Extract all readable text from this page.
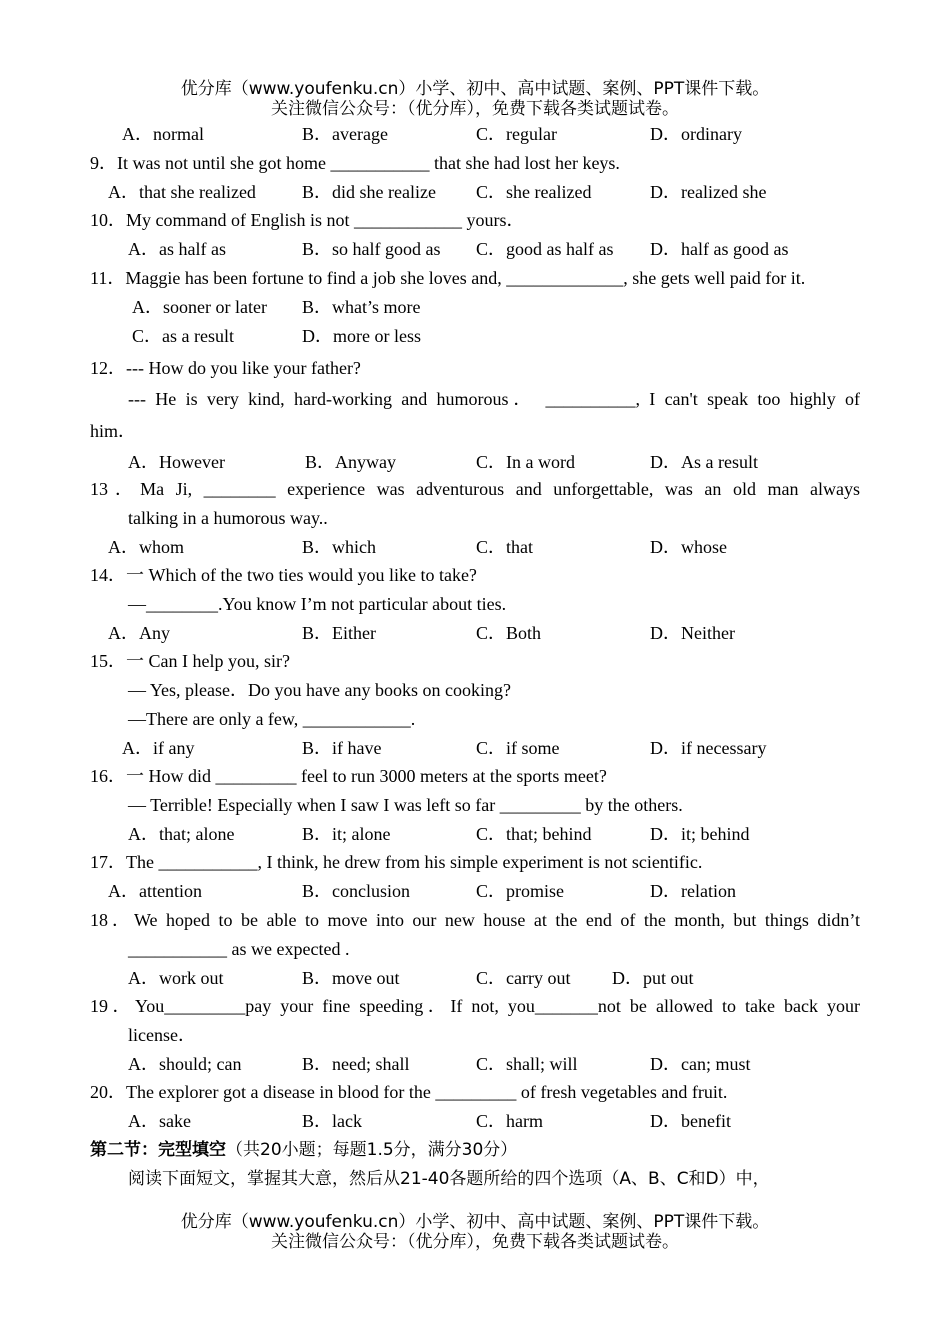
优分库（www.youfenku.cn）小学、初中、高中试题、案例、PPT课件下载。
关注微信公众号：（优分库），免费下载各类试题试卷。
A．normal	B．average	C．regular	D．ordinary
9．It was not until she got home ___________ that she had lost her keys.
A．that she realized	B．did she realize C．she realized	D．realized she
10．My command of English is not ____________ yours．
A．as half as	B．so half good as C．good as half as D．half as good as
11．Maggie has been fortune to find a job she loves and, _____________, she gets well paid for it.
A．sooner or later B．what’s more
C．as a result	D．more or less
12．--- How do you like your father?
--- He is very kind, hard-working and humorous． __________, I can't speak too highly of
him．
A．However	B．Anyway	C．In a word	D．As a result
13．Ma Ji, ________ experience was adventurous and unforgettable, was an old man always
talking in a humorous way..
A．whom	B．which	C．that	D．whose
14．一 Which of the two ties would you like to take?
—________.You know I’m not particular about ties.
A．Any	B．Either	C．Both	D．Neither
15．一 Can I help you, sir?
— Yes, please．Do you have any books on cooking?
—There are only a few, ____________.
A．if any	B．if have	C．if some	D．if necessary
16．一 How did _________ feel to run 3000 meters at the sports meet?
— Terrible! Especially when I saw I was left so far _________ by the others.
A．that; alone	B．it; alone	C．that; behind	D．it; behind
17．The ___________, I think, he drew from his simple experiment is not scientific.
A．attention	B．conclusion	C．promise	D．relation
18．We hoped to be able to move into our new house at the end of the month, but things didn’t
___________ as we expected .
A．work out	B．move out	C．carry out D．put out
19．You_________pay your fine speeding．If not, you_______not be allowed to take back your
license．
A．should; can	B．need; shall	C．shall; will	D．can; must
20．The explorer got a disease in blood for the _________ of fresh vegetables and fruit.
A．sake	B．lack	C．harm	D．benefit
第二节：完型填空（共20小题；每题1.5分，满分30分）
阅读下面短文，掌握其大意，然后从21-40各题所给的四个选项（A、B、C和D）中，
优分库（www.youfenku.cn）小学、初中、高中试题、案例、PPT课件下载。
关注微信公众号：（优分库），免费下载各类试题试卷。
